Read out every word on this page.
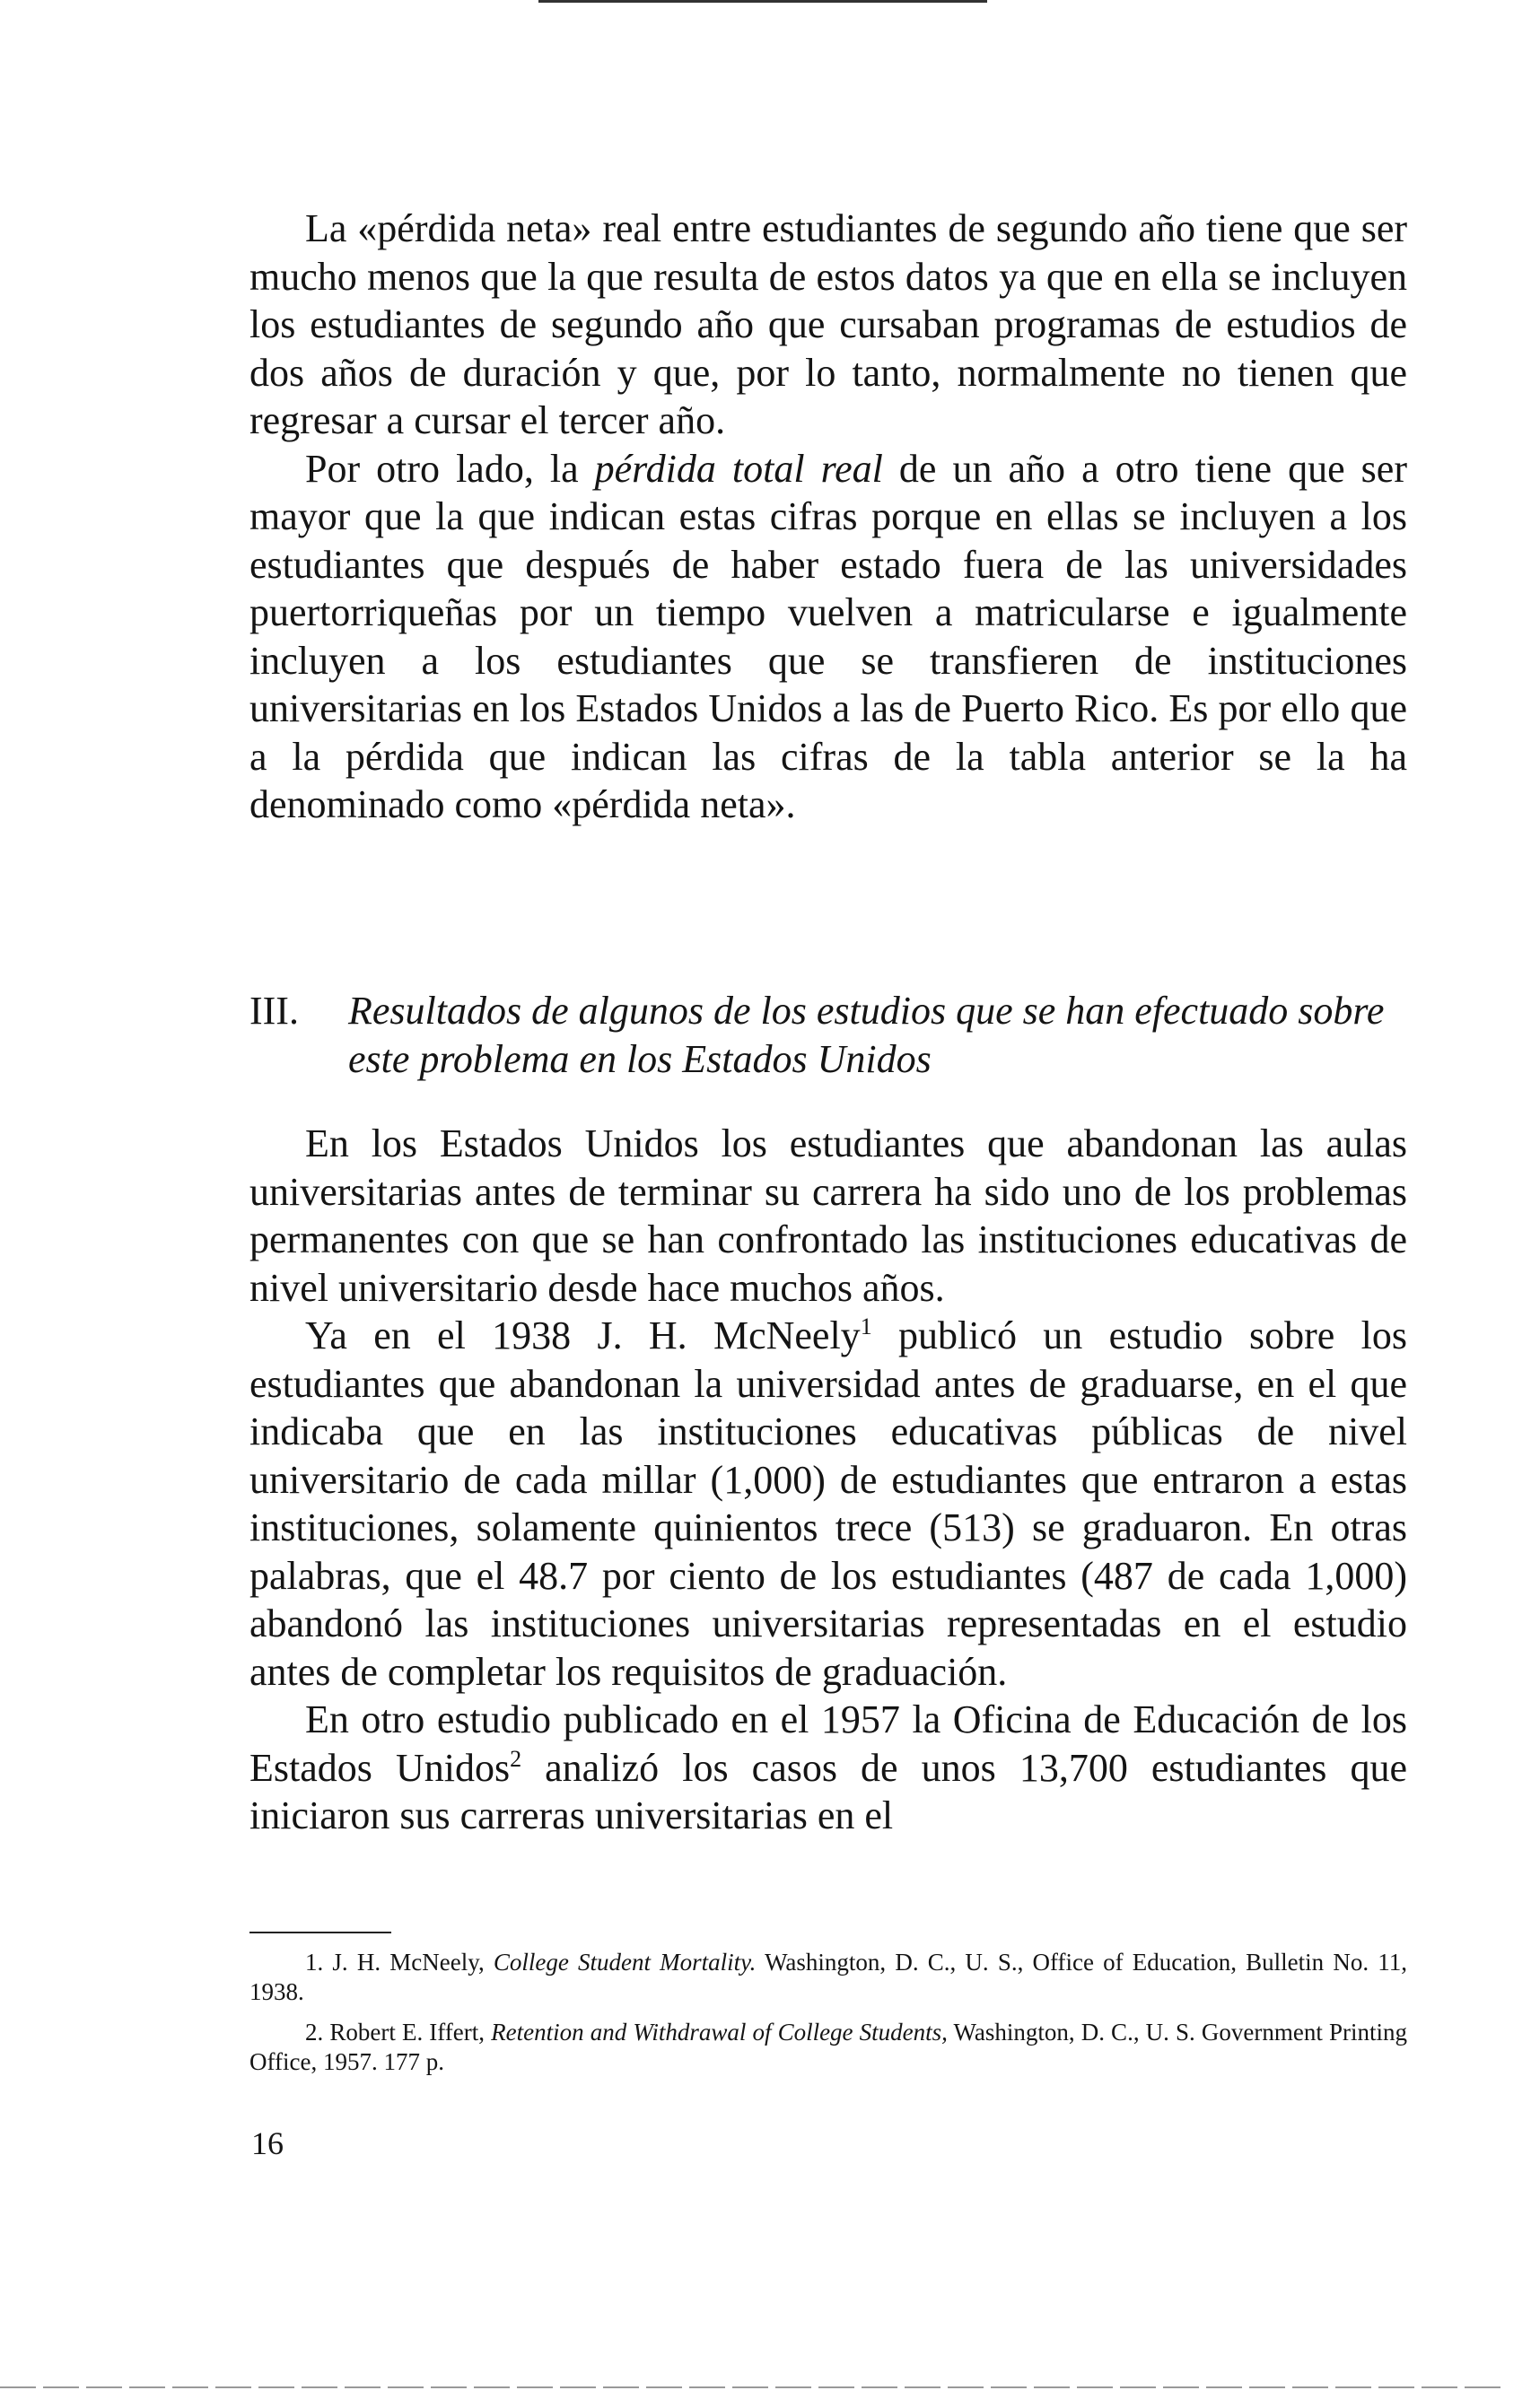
La «pérdida neta» real entre estudiantes de segundo año tiene que ser mucho menos que la que resulta de estos datos ya que en ella se incluyen los estudiantes de segundo año que cursaban programas de estudios de dos años de duración y que, por lo tanto, normalmente no tienen que regresar a cursar el tercer año.

Por otro lado, la pérdida total real de un año a otro tiene que ser mayor que la que indican estas cifras porque en ellas se incluyen a los estudiantes que después de haber estado fuera de las universidades puertorriqueñas por un tiempo vuelven a matricularse e igualmente incluyen a los estudiantes que se transfieren de instituciones universitarias en los Estados Unidos a las de Puerto Rico. Es por ello que a la pérdida que indican las cifras de la tabla anterior se la ha denominado como «pérdida neta».

III. Resultados de algunos de los estudios que se han efectuado sobre este problema en los Estados Unidos

En los Estados Unidos los estudiantes que abandonan las aulas universitarias antes de terminar su carrera ha sido uno de los problemas permanentes con que se han confrontado las instituciones educativas de nivel universitario desde hace muchos años.

Ya en el 1938 J. H. McNeely$^1$ publicó un estudio sobre los estudiantes que abandonan la universidad antes de graduarse, en el que indicaba que en las instituciones educativas públicas de nivel universitario de cada millar (1,000) de estudiantes que entraron a estas instituciones, solamente quinientos trece (513) se graduaron. En otras palabras, que el 48.7 por ciento de los estudiantes (487 de cada 1,000) abandonó las instituciones universitarias representadas en el estudio antes de completar los requisitos de graduación.

En otro estudio publicado en el 1957 la Oficina de Educación de los Estados Unidos$^2$ analizó los casos de unos 13,700 estudiantes que iniciaron sus carreras universitarias en el

1. J. H. McNeely, College Student Mortality. Washington, D. C., U. S., Office of Education, Bulletin No. 11, 1938.

2. Robert E. Iffert, Retention and Withdrawal of College Students, Washington, D. C., U. S. Government Printing Office, 1957. 177 p.

16
